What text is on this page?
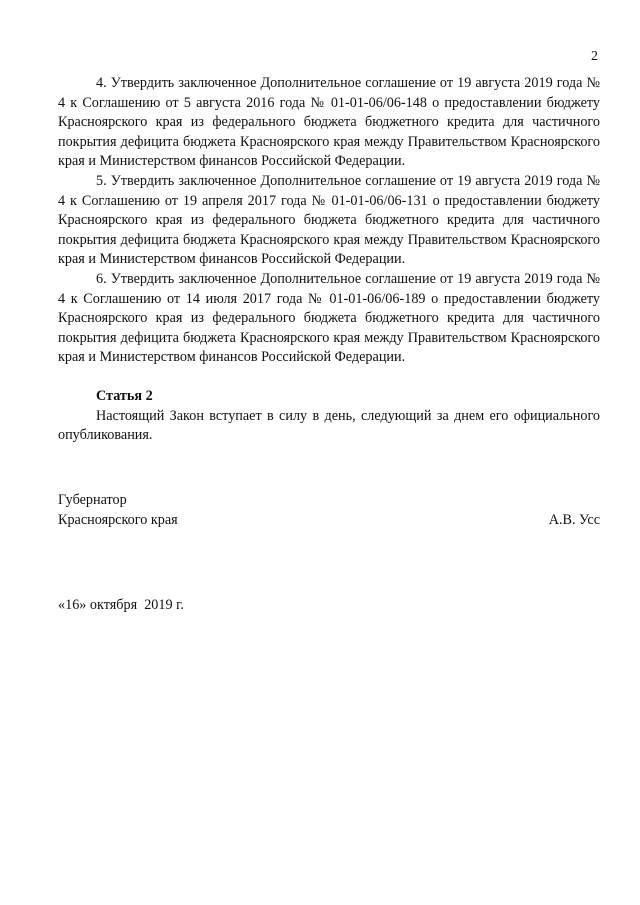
2

4. Утвердить заключенное Дополнительное соглашение от 19 августа 2019 года № 4 к Соглашению от 5 августа 2016 года № 01-01-06/06-148 о предоставлении бюджету Красноярского края из федерального бюджета бюджетного кредита для частичного покрытия дефицита бюджета Красноярского края между Правительством Красноярского края и Министерством финансов Российской Федерации.

5. Утвердить заключенное Дополнительное соглашение от 19 августа 2019 года № 4 к Соглашению от 19 апреля 2017 года № 01-01-06/06-131 о предоставлении бюджету Красноярского края из федерального бюджета бюджетного кредита для частичного покрытия дефицита бюджета Красноярского края между Правительством Красноярского края и Министерством финансов Российской Федерации.

6. Утвердить заключенное Дополнительное соглашение от 19 августа 2019 года № 4 к Соглашению от 14 июля 2017 года № 01-01-06/06-189 о предоставлении бюджету Красноярского края из федерального бюджета бюджетного кредита для частичного покрытия дефицита бюджета Красноярского края между Правительством Красноярского края и Министерством финансов Российской Федерации.

Статья 2

Настоящий Закон вступает в силу в день, следующий за днем его официального опубликования.

Губернатор
Красноярского края	А.В. Усс
«16» октября  2019 г.
